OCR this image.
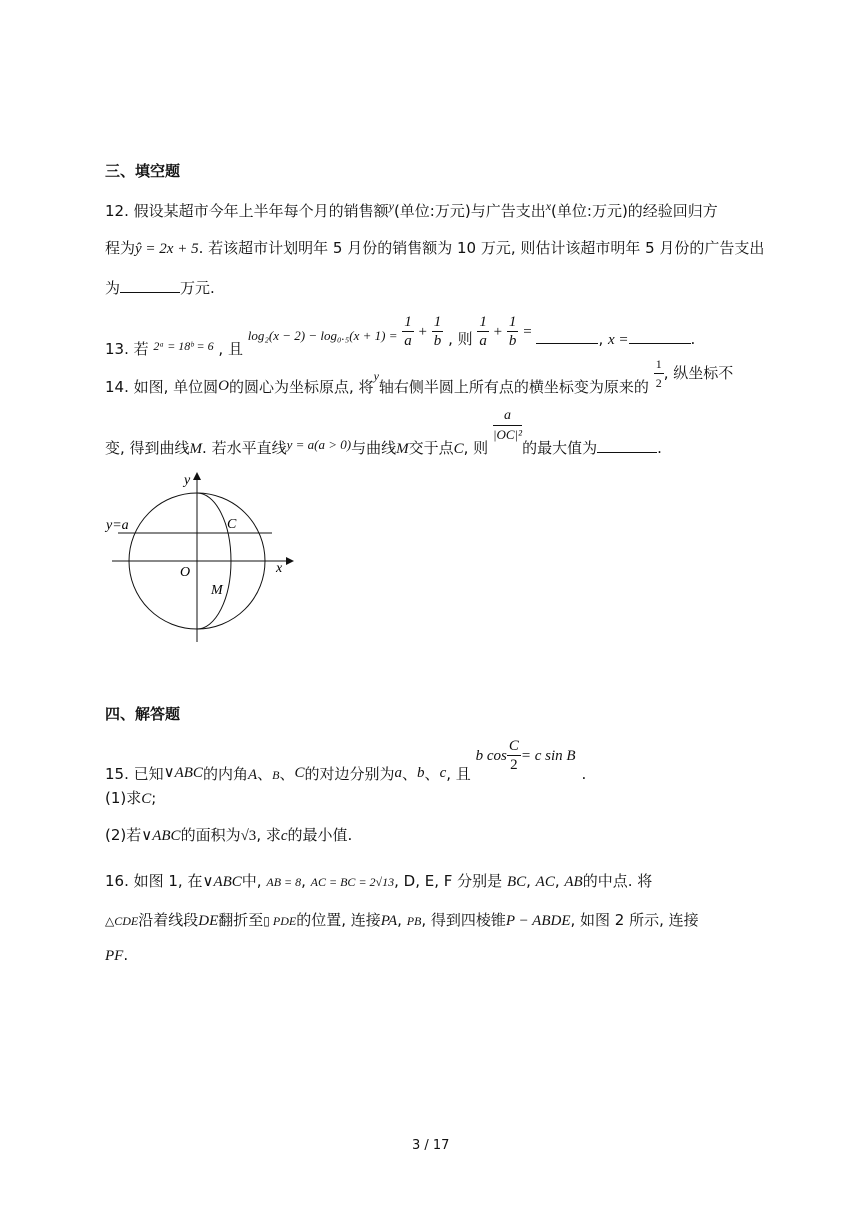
三、填空题
12. 假设某超市今年上半年每个月的销售额$^y$(单位:万元)与广告支出$^x$(单位:万元)的经验回归方
程为ŷ = 2x + 5. 若该超市计划明年 5 月份的销售额为 10 万元, 则估计该超市明年 5 月份的广告支出
为	万元.
13. 若 $_{2ᵃ = 18ᵇ = 6}$ , 且 $\log_2(x - 2) - \log_0._5(x + 1) = \frac{1}{a} + \frac{1}{b}$ , 则 $\frac{1}{a} + \frac{1}{b}$ =	, x =	.
14. 如图, 单位圆O的圆心为坐标原点, 将$^y$轴右侧半圆上所有点的横坐标变为原来的 $\frac{1}{2}$ , 纵坐标不
变, 得到曲线M. 若水平直线y = a(a > 0)与曲线M交于点C, 则
$\frac{a}{\text{|OC|²}}$
的最大值为	.
y
x
O
C
M
y=a
四、解答题
15. 已知∨ABC的内角A、$_B$、C的对边分别为a、b、c, 且 b $\cos \frac{C}{2} = c$ sin B.
(1)求C;
(2)若∨ABC的面积为√3, 求c的最小值.
16. 如图 1, 在∨ABC中, AB = 8, AC = BC = 2√13, D, E, F 分别是 BC, AC, AB的中点. 将
△CDE沿着线段DE翻折至▯ PDE的位置, 连接PA, PB, 得到四棱锥P − ABDE, 如图 2 所示, 连接
PF.
3 / 17
